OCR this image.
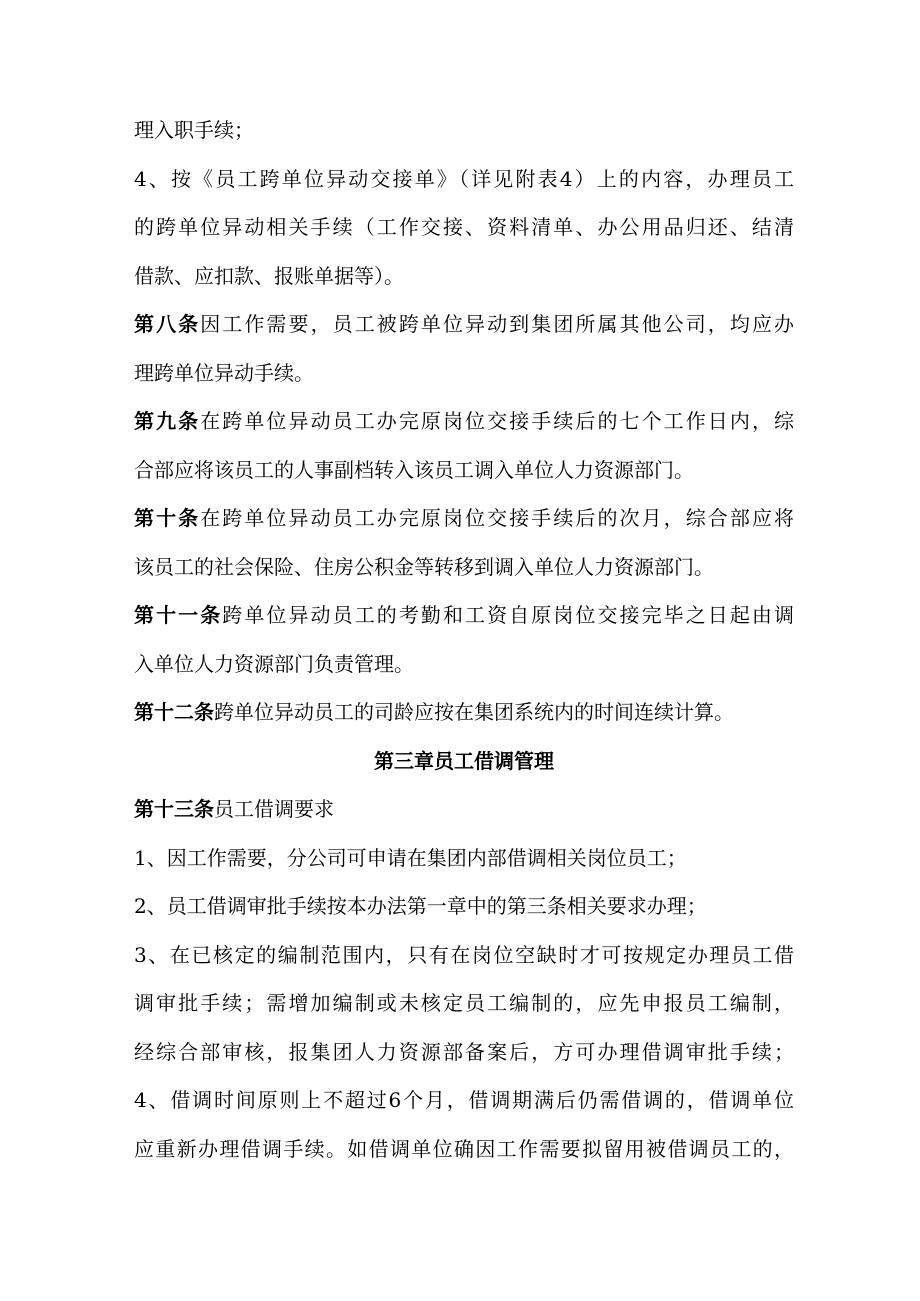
理入职手续；
4、按《员工跨单位异动交接单》（详见附表4）上的内容，办理员工
的跨单位异动相关手续（工作交接、资料清单、办公用品归还、结清
借款、应扣款、报账单据等）。
第八条因工作需要，员工被跨单位异动到集团所属其他公司，均应办
理跨单位异动手续。
第九条在跨单位异动员工办完原岗位交接手续后的七个工作日内，综
合部应将该员工的人事副档转入该员工调入单位人力资源部门。
第十条在跨单位异动员工办完原岗位交接手续后的次月，综合部应将
该员工的社会保险、住房公积金等转移到调入单位人力资源部门。
第十一条跨单位异动员工的考勤和工资自原岗位交接完毕之日起由调
入单位人力资源部门负责管理。
第十二条跨单位异动员工的司龄应按在集团系统内的时间连续计算。
第三章员工借调管理
第十三条员工借调要求
1、因工作需要，分公司可申请在集团内部借调相关岗位员工；
2、员工借调审批手续按本办法第一章中的第三条相关要求办理；
3、在已核定的编制范围内，只有在岗位空缺时才可按规定办理员工借
调审批手续；需增加编制或未核定员工编制的，应先申报员工编制，
经综合部审核，报集团人力资源部备案后，方可办理借调审批手续；
4、借调时间原则上不超过6个月，借调期满后仍需借调的，借调单位
应重新办理借调手续。如借调单位确因工作需要拟留用被借调员工的，
